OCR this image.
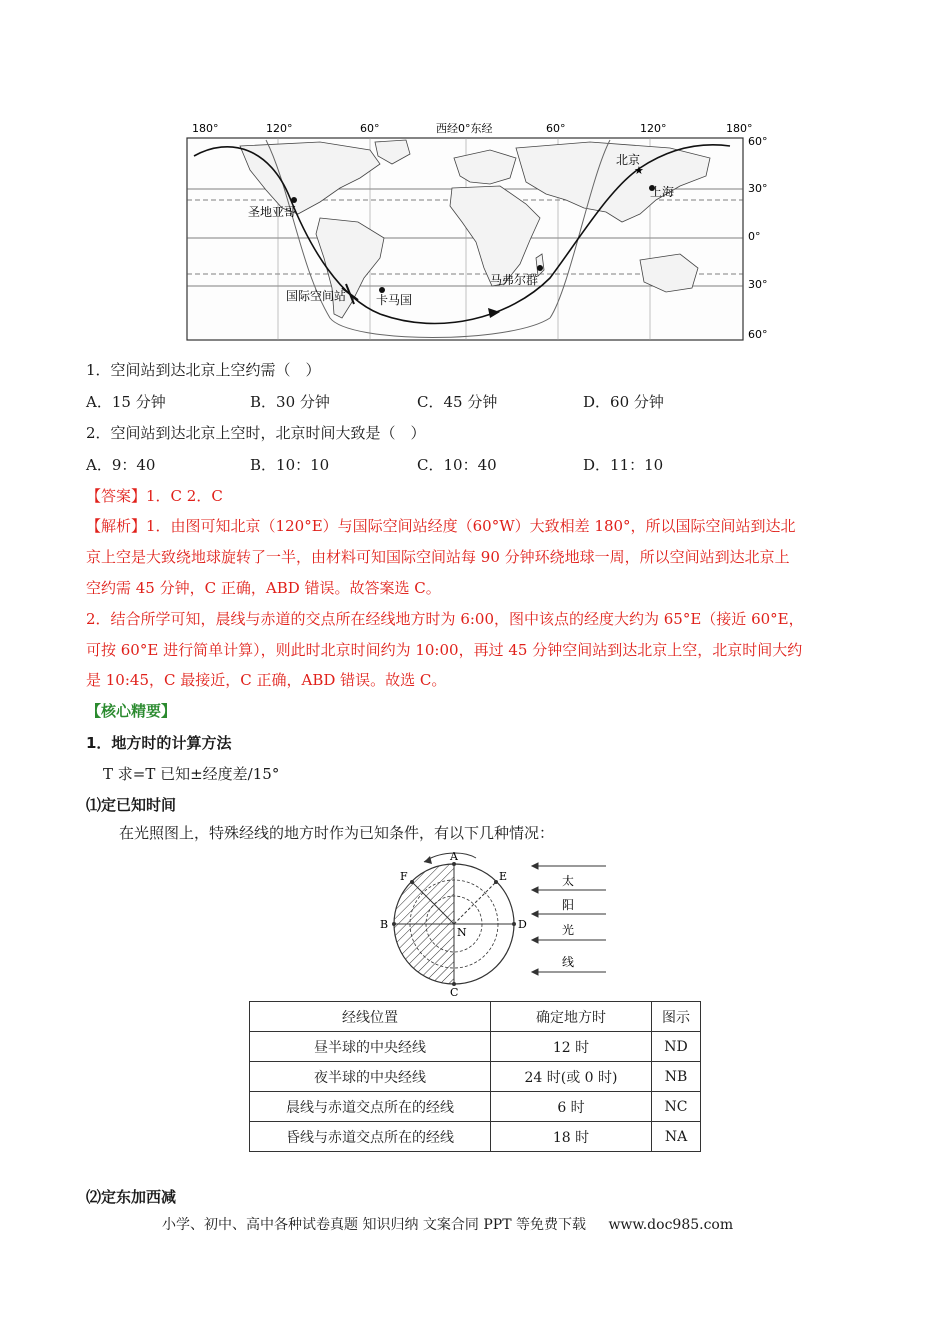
180°	120°	60°	西经0°东经	60°	120°	180°
60°
30°
0°
30°
60°
★
圣地亚哥
北京
上海
国际空间站 卡马国
马弗尔群
1．空间站到达北京上空约需（　）
A．15 分钟	B．30 分钟	C．45 分钟	D．60 分钟
2．空间站到达北京上空时，北京时间大致是（　）
A．9：40	B．10：10	C．10：40	D．11：10
【答案】1．C 2．C
【解析】1．由图可知北京（120°E）与国际空间站经度（60°W）大致相差 180°，所以国际空间站到达北
京上空是大致绕地球旋转了一半，由材料可知国际空间站每 90 分钟环绕地球一周，所以空间站到达北京上
空约需 45 分钟，C 正确，ABD 错误。故答案选 C。
2．结合所学可知，晨线与赤道的交点所在经线地方时为 6:00，图中该点的经度大约为 65°E（接近 60°E，
可按 60°E 进行简单计算），则此时北京时间约为 10:00，再过 45 分钟空间站到达北京上空，北京时间大约
是 10:45，C 最接近，C 正确，ABD 错误。故选 C。
【核心精要】
1．地方时的计算方法
T 求=T 已知±经度差/15°
⑴定已知时间
在光照图上，特殊经线的地方时作为已知条件，有以下几种情况：
A
B
C
D
E
F
N
太
阳
光
线
经线位置	确定地方时	图示
昼半球的中央经线	12 时	ND
夜半球的中央经线	24 时(或 0 时)	NB
晨线与赤道交点所在的经线	6 时	NC
昏线与赤道交点所在的经线	18 时	NA
⑵定东加西减
小学、初中、高中各种试卷真题 知识归纳 文案合同 PPT 等免费下载 www.doc985.com
